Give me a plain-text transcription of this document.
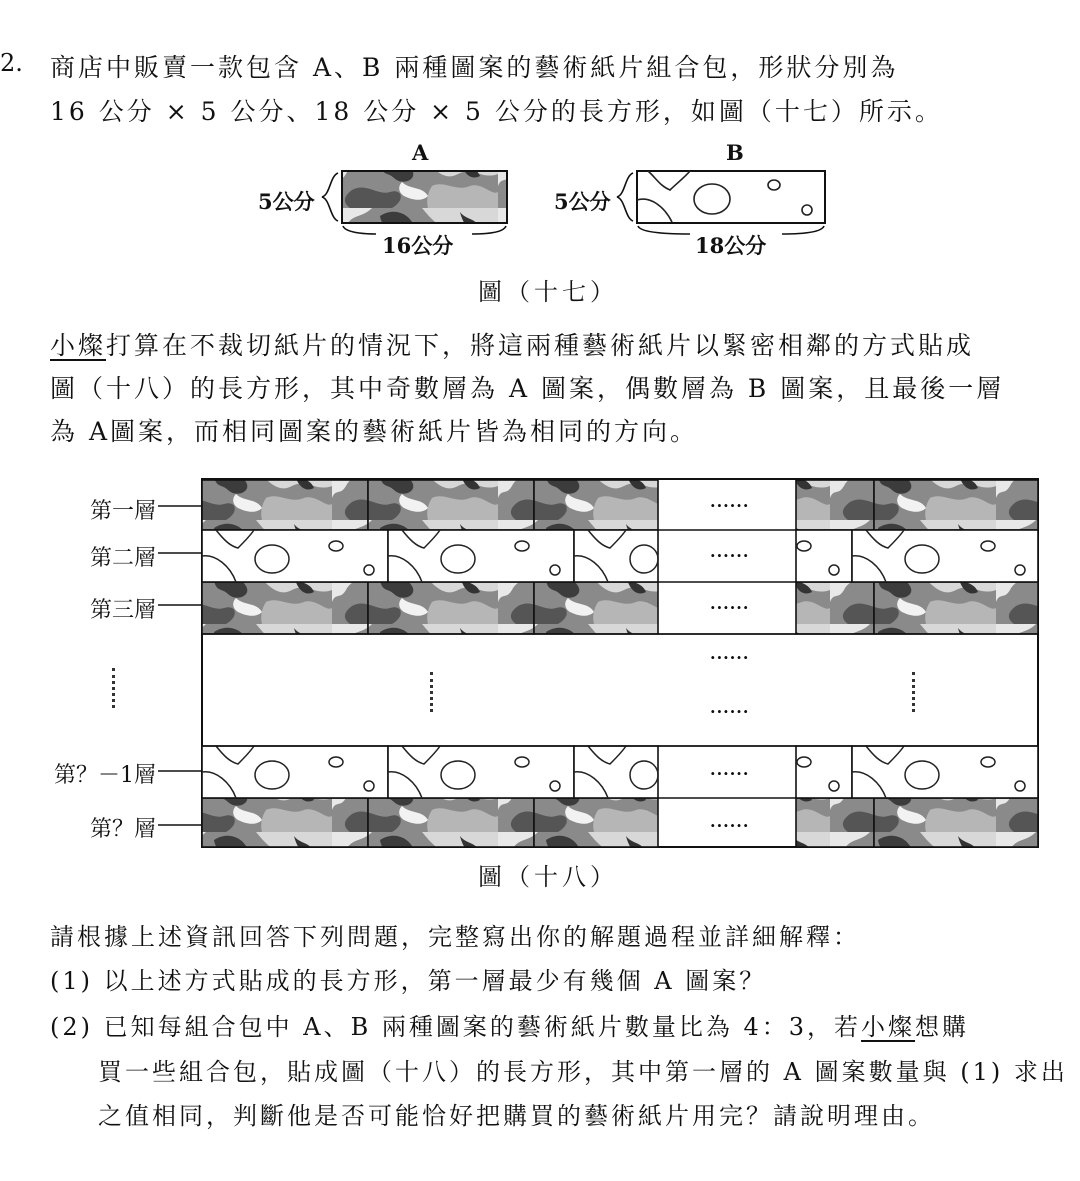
2. 商店中販賣一款包含 A、B 兩種圖案的藝術紙片組合包，形狀分別為
16 公分 × 5 公分、18 公分 × 5 公分的長方形，如圖（十七）所示。
A	B
5公分	5公分
16公分	18公分
圖（十七）
小燦打算在不裁切紙片的情況下，將這兩種藝術紙片以緊密相鄰的方式貼成
圖（十八）的長方形，其中奇數層為 A 圖案，偶數層為 B 圖案，且最後一層
為 A圖案，而相同圖案的藝術紙片皆為相同的方向。
第一層
第二層
第三層
第？－1層
第？層
......
......
......
......
......
......
......
圖（十八）
請根據上述資訊回答下列問題，完整寫出你的解題過程並詳細解釋：
(1) 以上述方式貼成的長方形，第一層最少有幾個 A 圖案？
(2) 已知每組合包中 A、B 兩種圖案的藝術紙片數量比為 4：3，若小燦想購
買一些組合包，貼成圖（十八）的長方形，其中第一層的 A 圖案數量與 (1) 求出
之值相同，判斷他是否可能恰好把購買的藝術紙片用完？請說明理由。
